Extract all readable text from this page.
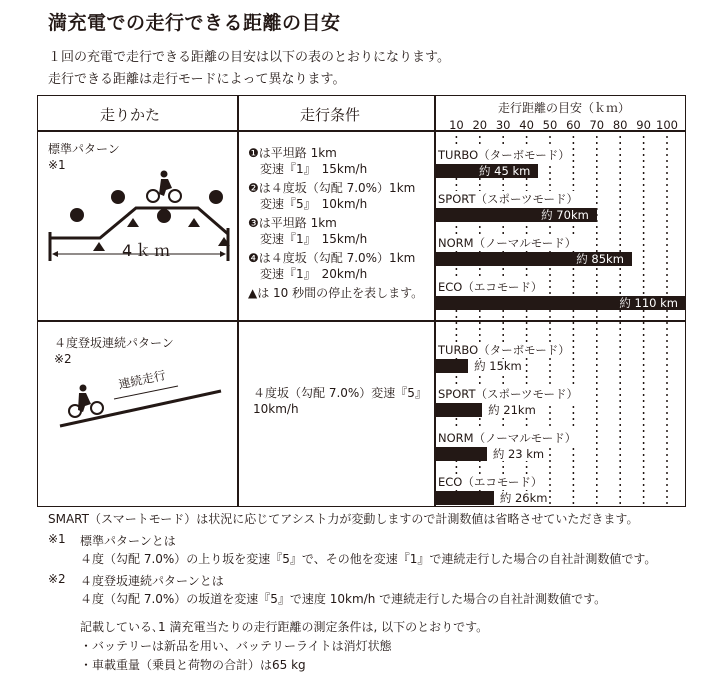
満充電での走行できる距離の目安
１回の充電で走行できる距離の目安は以下の表のとおりになります。
走行できる距離は走行モードによって異なります。
走りかた	走行条件	走行距離の目安（ｋｍ）
標準パターン
※1
4ｋｍ
❶は平坦路 1km
　変速『1』　15km/h
❷は４度坂（勾配 7.0%）1km
　変速『5』　10km/h
❸は平坦路 1km
　変速『1』　15km/h
❹は４度坂（勾配 7.0%）1km
　変速『1』　20km/h
▲は 10 秒間の停止を表します。
４度登坂連続パターン
※2
連続走行
４度坂（勾配 7.0%）変速『5』
10km/h
10 20 30 40 50 60 70 80 90 100
TURBO（ターボモード）
約 45 km
SPORT（スポーツモード）
約 70km
NORM（ノーマルモード）
約 85km
ECO（エコモード）
約 110 km
TURBO（ターボモード）
約 15km
SPORT（スポーツモード）
約 21km
NORM（ノーマルモード）
約 23 km
ECO（エコモード）
約 26km
SMART（スマートモード）は状況に応じてアシスト力が変動しますので計測数値は省略させていただきます。
※1 標準パターンとは
４度（勾配 7.0%）の上り坂を変速『5』で、その他を変速『1』で連続走行した場合の自社計測数値です。
※2 ４度登坂連続パターンとは
４度（勾配 7.0%）の坂道を変速『5』で速度 10km/h で連続走行した場合の自社計測数値です。
記載している､1 満充電当たりの走行距離の測定条件は, 以下のとおりです。
・バッテリーは新品を用い、バッテリーライトは消灯状態
・車載重量（乗員と荷物の合計）は65 kg
